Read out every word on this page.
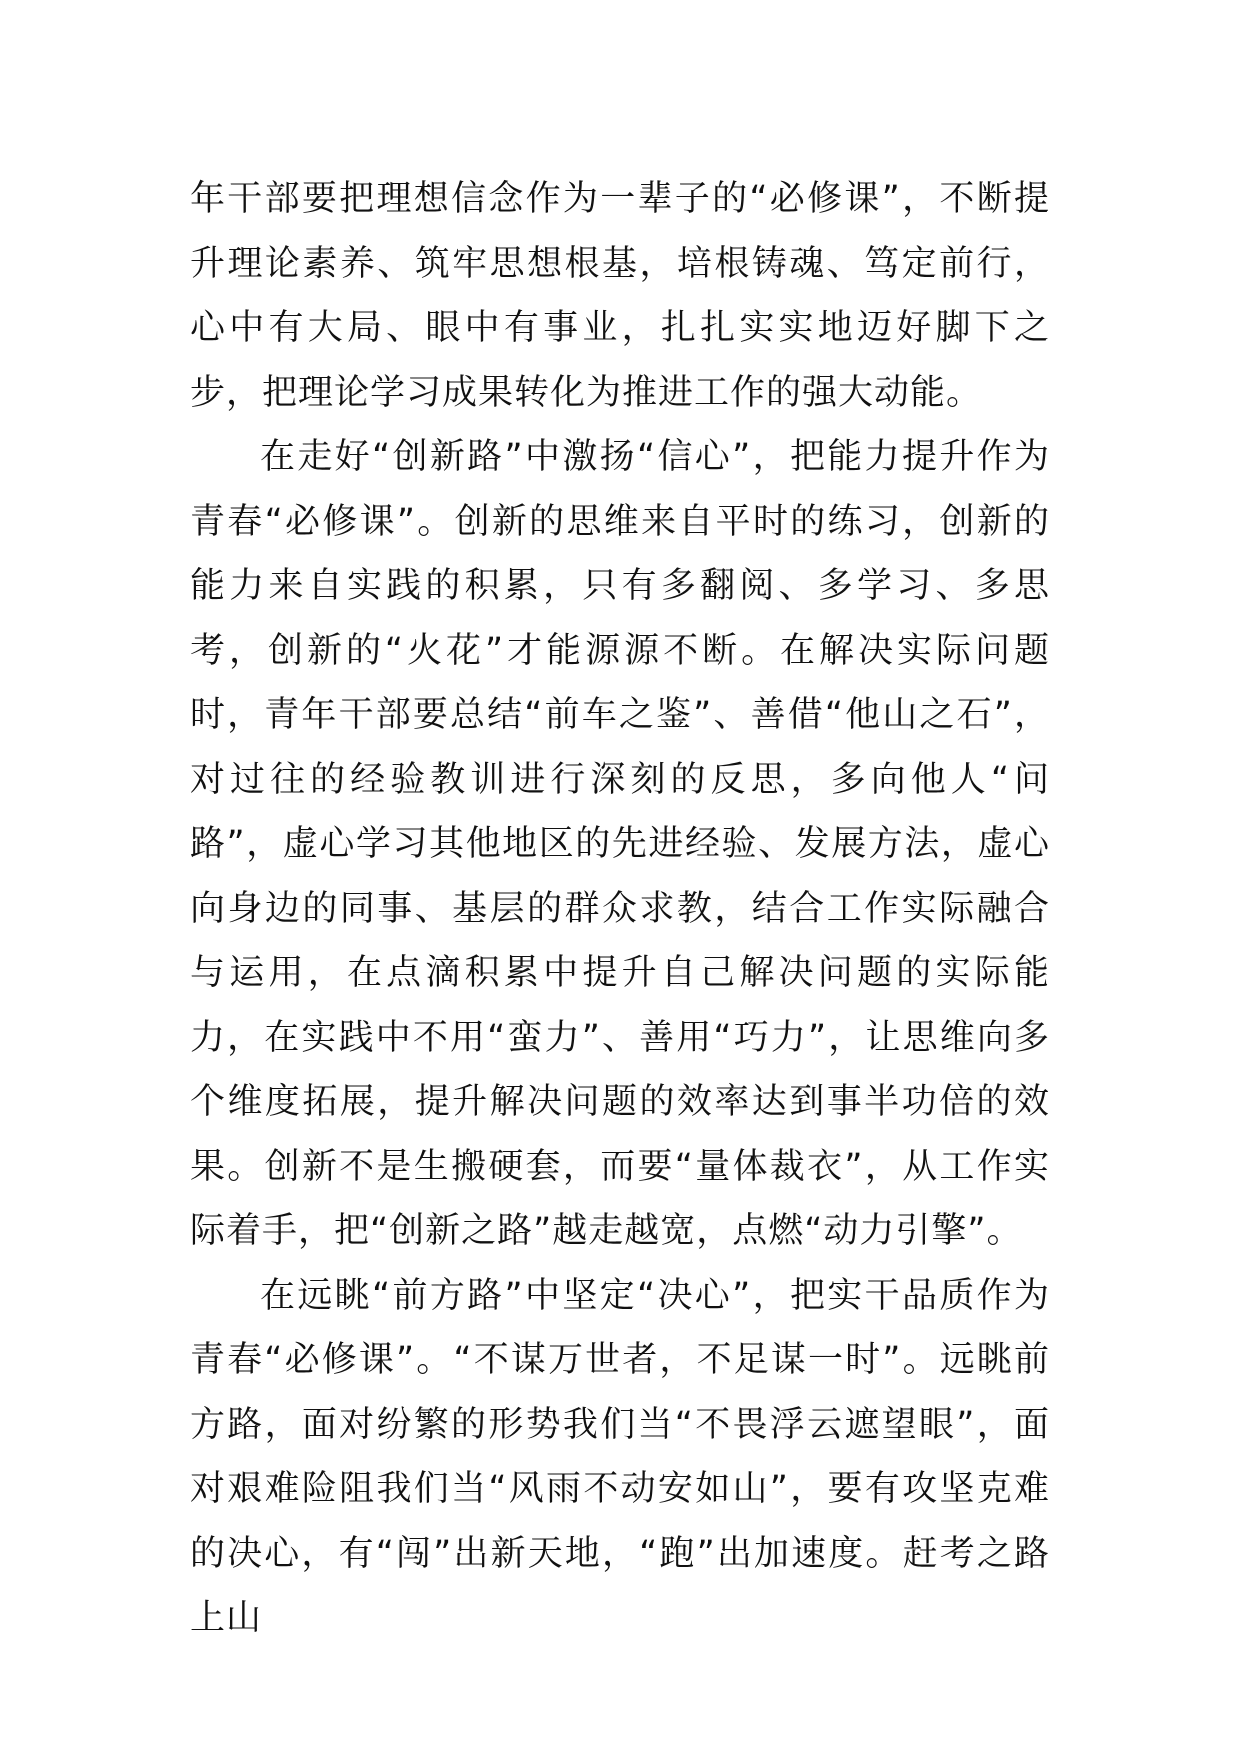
年干部要把理想信念作为一辈子的“必修课”，不断提升理论素养、筑牢思想根基，培根铸魂、笃定前行，心中有大局、眼中有事业，扎扎实实地迈好脚下之步，把理论学习成果转化为推进工作的强大动能。

在走好“创新路”中激扬“信心”，把能力提升作为青春“必修课”。创新的思维来自平时的练习，创新的能力来自实践的积累，只有多翻阅、多学习、多思考，创新的“火花”才能源源不断。在解决实际问题时，青年干部要总结“前车之鉴”、善借“他山之石”，对过往的经验教训进行深刻的反思，多向他人“问路”，虚心学习其他地区的先进经验、发展方法，虚心向身边的同事、基层的群众求教，结合工作实际融合与运用，在点滴积累中提升自己解决问题的实际能力，在实践中不用“蛮力”、善用“巧力”，让思维向多个维度拓展，提升解决问题的效率达到事半功倍的效果。创新不是生搬硬套，而要“量体裁衣”，从工作实际着手，把“创新之路”越走越宽，点燃“动力引擎”。

在远眺“前方路”中坚定“决心”，把实干品质作为青春“必修课”。“不谋万世者，不足谋一时”。远眺前方路，面对纷繁的形势我们当“不畏浮云遮望眼”，面对艰难险阻我们当“风雨不动安如山”，要有攻坚克难的决心，有“闯”出新天地，“跑”出加速度。赶考之路上山
